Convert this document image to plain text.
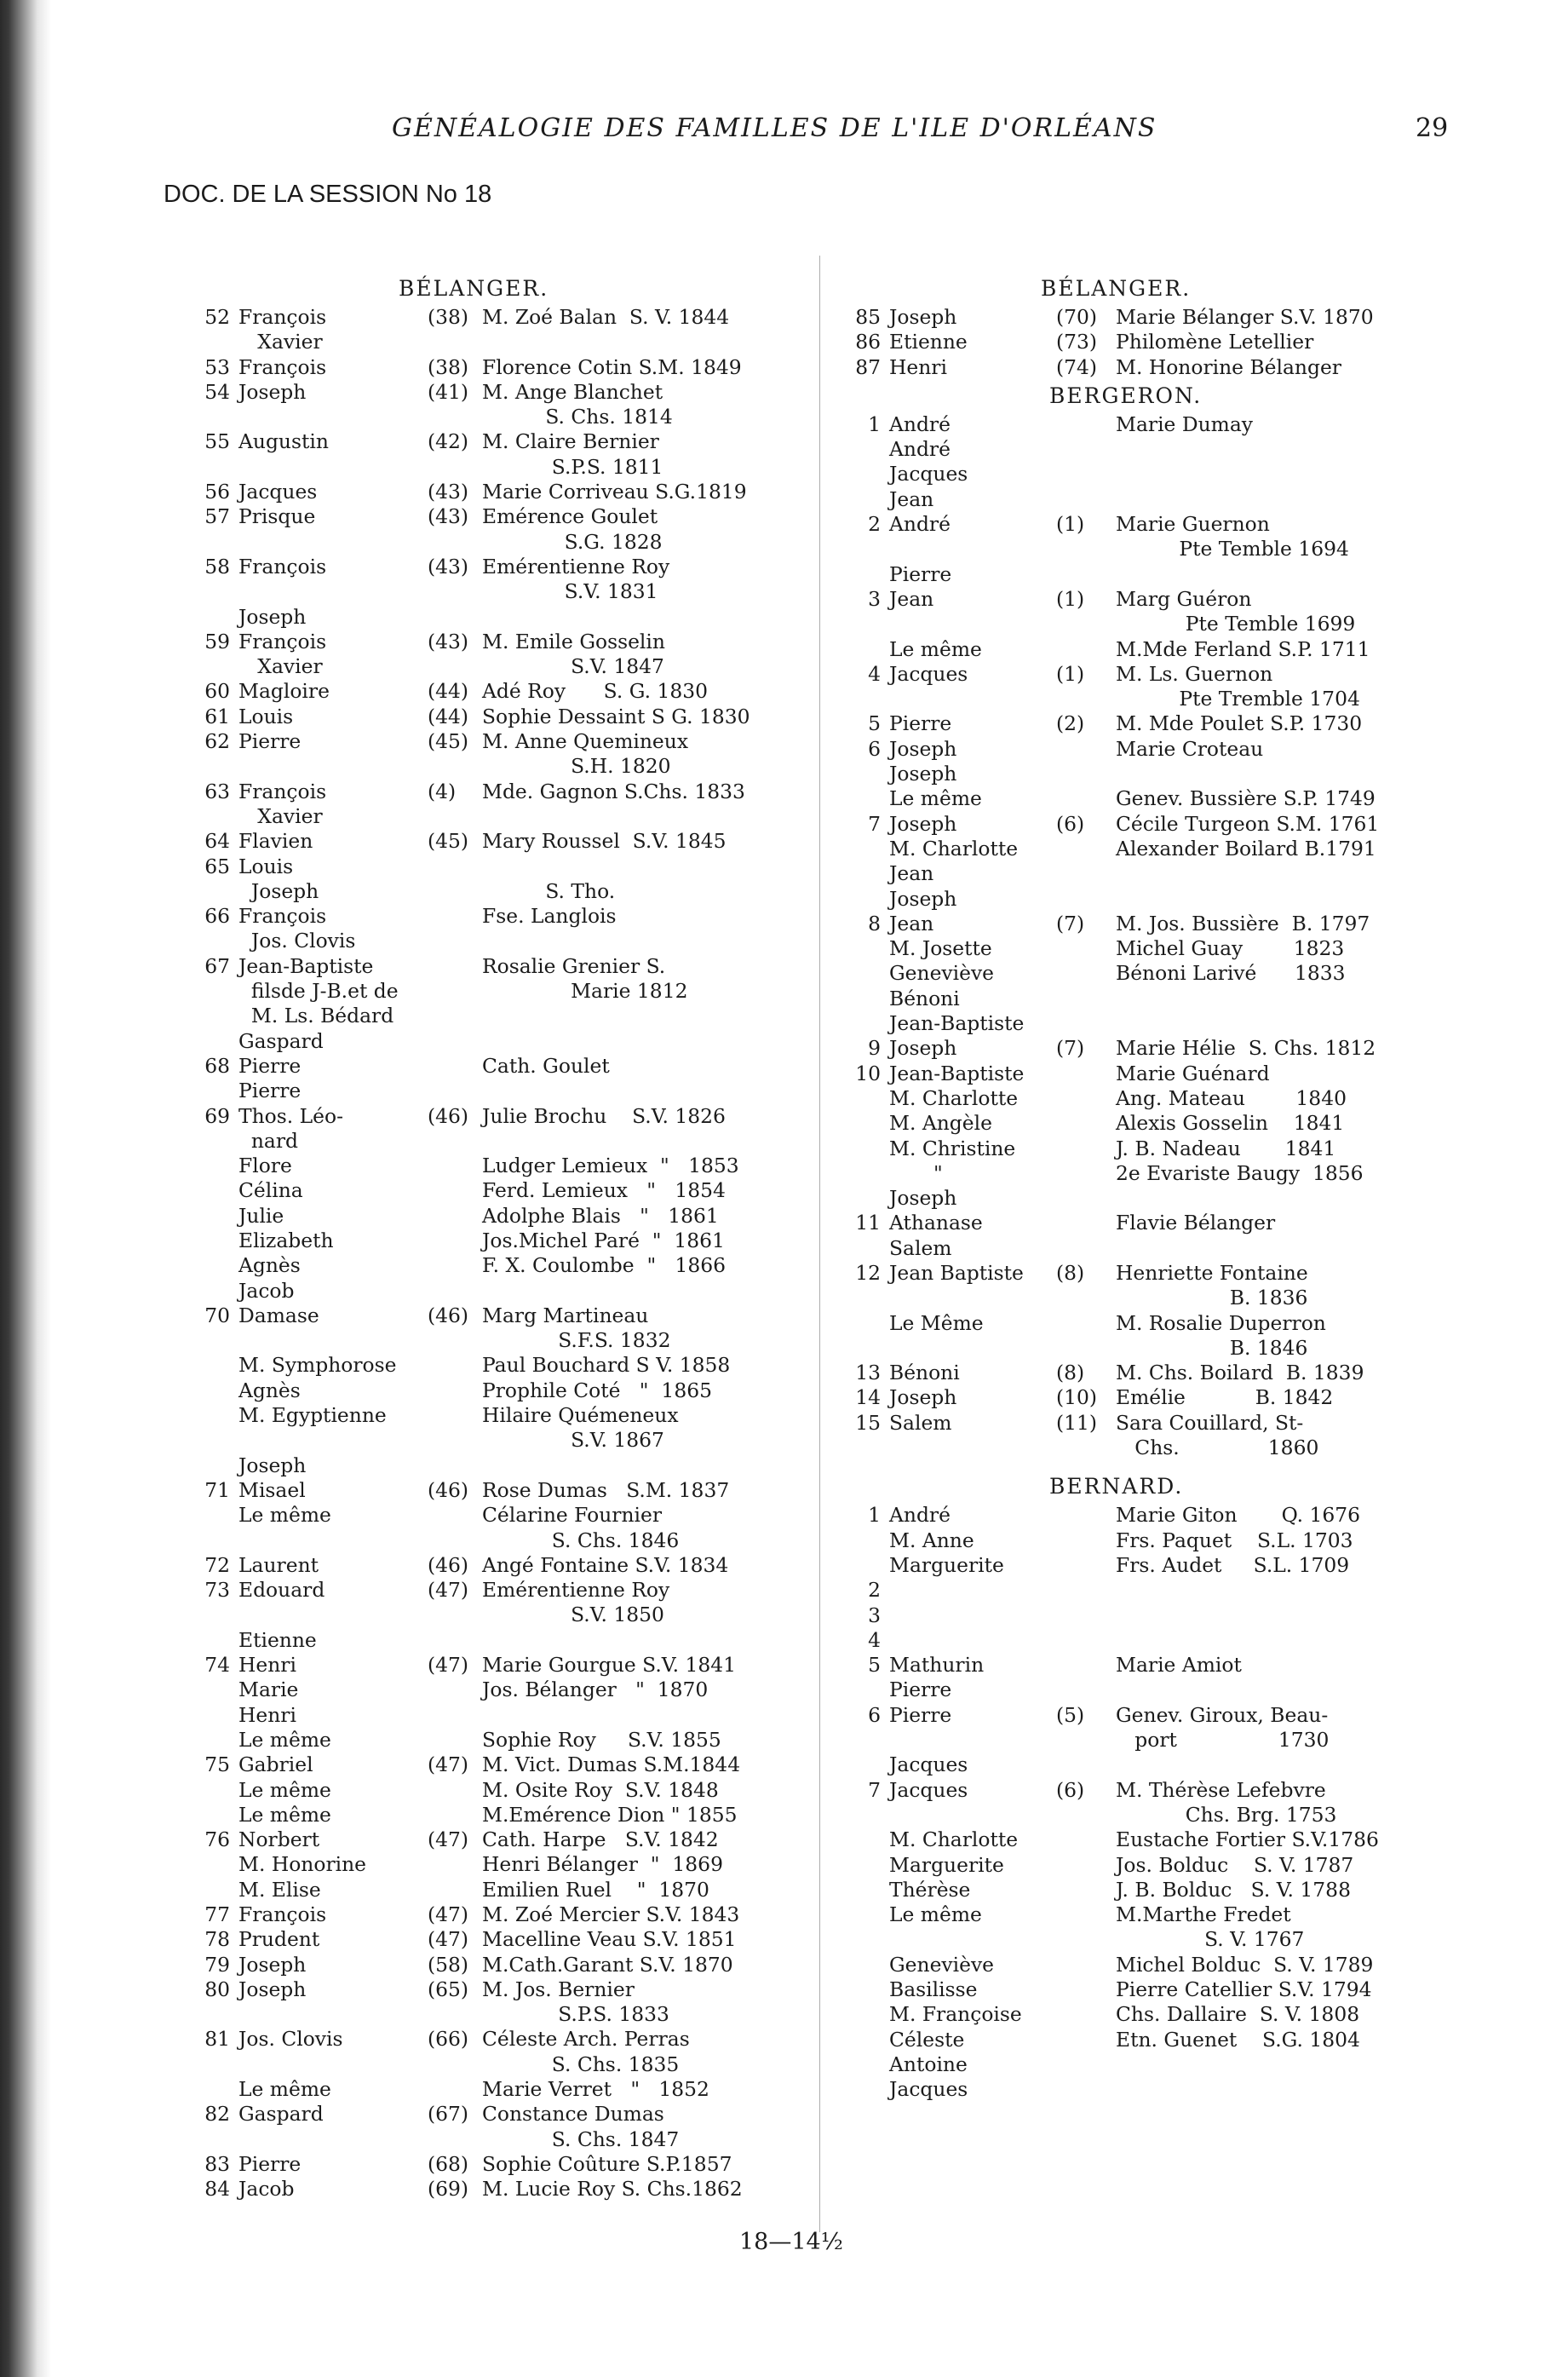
GÉNÉALOGIE DES FAMILLES DE L'ILE D'ORLÉANS	29
DOC. DE LA SESSION No 18
BÉLANGER.
52 François	(38) M. Zoé Balan  S. V. 1844
Xavier
53 François	(38) Florence Cotin S.M. 1849
54 Joseph	(41) M. Ange Blanchet
S. Chs. 1814
55 Augustin	(42) M. Claire Bernier
S.P.S. 1811
56 Jacques	(43) Marie Corriveau S.G.1819
57 Prisque	(43) Emérence Goulet
S.G. 1828
58 François	(43) Emérentienne Roy
S.V. 1831
Joseph
59 François	(43) M. Emile Gosselin
Xavier	S.V. 1847
60 Magloire	(44) Adé Roy      S. G. 1830
61 Louis	(44) Sophie Dessaint S G. 1830
62 Pierre	(45) M. Anne Quemineux
S.H. 1820
63 François	(4)	Mde. Gagnon S.Chs. 1833
Xavier
64 Flavien	(45) Mary Roussel  S.V. 1845
65 Louis
Joseph	S. Tho.
66 François	Fse. Langlois
Jos. Clovis
67 Jean-Baptiste	Rosalie Grenier S.
filsde J-B.et de	Marie 1812
M. Ls. Bédard
Gaspard
68 Pierre	Cath. Goulet
Pierre
69 Thos. Léo-	(46) Julie Brochu    S.V. 1826
nard
Flore	Ludger Lemieux  "   1853
Célina	Ferd. Lemieux   "   1854
Julie	Adolphe Blais   "   1861
Elizabeth	Jos.Michel Paré  "  1861
Agnès	F. X. Coulombe  "   1866
Jacob
70 Damase	(46) Marg Martineau
S.F.S. 1832
M. Symphorose	Paul Bouchard S V. 1858
Agnès	Prophile Coté   "  1865
M. Egyptienne	Hilaire Quémeneux
S.V. 1867
Joseph
71 Misael	(46) Rose Dumas   S.M. 1837
Le même	Célarine Fournier
S. Chs. 1846
72 Laurent	(46) Angé Fontaine S.V. 1834
73 Edouard	(47) Emérentienne Roy
S.V. 1850
Etienne
74 Henri	(47) Marie Gourgue S.V. 1841
Marie	Jos. Bélanger   "  1870
Henri
Le même	Sophie Roy     S.V. 1855
75 Gabriel	(47) M. Vict. Dumas S.M.1844
Le même	M. Osite Roy  S.V. 1848
Le même	M.Emérence Dion " 1855
76 Norbert	(47) Cath. Harpe   S.V. 1842
M. Honorine	Henri Bélanger  "  1869
M. Elise	Emilien Ruel    "  1870
77 François	(47) M. Zoé Mercier S.V. 1843
78 Prudent	(47) Macelline Veau S.V. 1851
79 Joseph	(58) M.Cath.Garant S.V. 1870
80 Joseph	(65) M. Jos. Bernier
S.P.S. 1833
81 Jos. Clovis	(66) Céleste Arch. Perras
S. Chs. 1835
Le même	Marie Verret   "   1852
82 Gaspard	(67) Constance Dumas
S. Chs. 1847
83 Pierre	(68) Sophie Coûture S.P.1857
84 Jacob	(69) M. Lucie Roy S. Chs.1862
BÉLANGER.
85 Joseph	(70) Marie Bélanger S.V. 1870
86 Etienne	(73) Philomène Letellier
87 Henri	(74) M. Honorine Bélanger
BERGERON.
1 André	Marie Dumay
André
Jacques
Jean
2 André	(1)	Marie Guernon
Pte Temble 1694
Pierre
3 Jean	(1)	Marg Guéron
Pte Temble 1699
Le même	M.Mde Ferland S.P. 1711
4 Jacques	(1)	M. Ls. Guernon
Pte Tremble 1704
5 Pierre	(2)	M. Mde Poulet S.P. 1730
6 Joseph	Marie Croteau
Joseph
Le même	Genev. Bussière S.P. 1749
7 Joseph	(6)	Cécile Turgeon S.M. 1761
M. Charlotte	Alexander Boilard B.1791
Jean
Joseph
8 Jean	(7)	M. Jos. Bussière  B. 1797
M. Josette	Michel Guay        1823
Geneviève	Bénoni Larivé      1833
Bénoni
Jean-Baptiste
9 Joseph	(7)	Marie Hélie  S. Chs. 1812
10 Jean-Baptiste	Marie Guénard
M. Charlotte	Ang. Mateau        1840
M. Angèle	Alexis Gosselin    1841
M. Christine	J. B. Nadeau       1841
"	2e Evariste Baugy  1856
Joseph
11 Athanase	Flavie Bélanger
Salem
12 Jean Baptiste	(8)	Henriette Fontaine
B. 1836
Le Même	M. Rosalie Duperron
B. 1846
13 Bénoni	(8)	M. Chs. Boilard  B. 1839
14 Joseph	(10) Emélie           B. 1842
15 Salem	(11) Sara Couillard, St-
Chs.              1860
BERNARD.
1 André	Marie Giton       Q. 1676
M. Anne	Frs. Paquet    S.L. 1703
Marguerite	Frs. Audet     S.L. 1709
2
3
4
5 Mathurin	Marie Amiot
Pierre
6 Pierre	(5)	Genev. Giroux, Beau-
port                1730
Jacques
7 Jacques	(6)	M. Thérèse Lefebvre
Chs. Brg. 1753
M. Charlotte	Eustache Fortier S.V.1786
Marguerite	Jos. Bolduc    S. V. 1787
Thérèse	J. B. Bolduc   S. V. 1788
Le même	M.Marthe Fredet
S. V. 1767
Geneviève	Michel Bolduc  S. V. 1789
Basilisse	Pierre Catellier S.V. 1794
M. Françoise	Chs. Dallaire  S. V. 1808
Céleste	Etn. Guenet    S.G. 1804
Antoine
Jacques
18—14½
